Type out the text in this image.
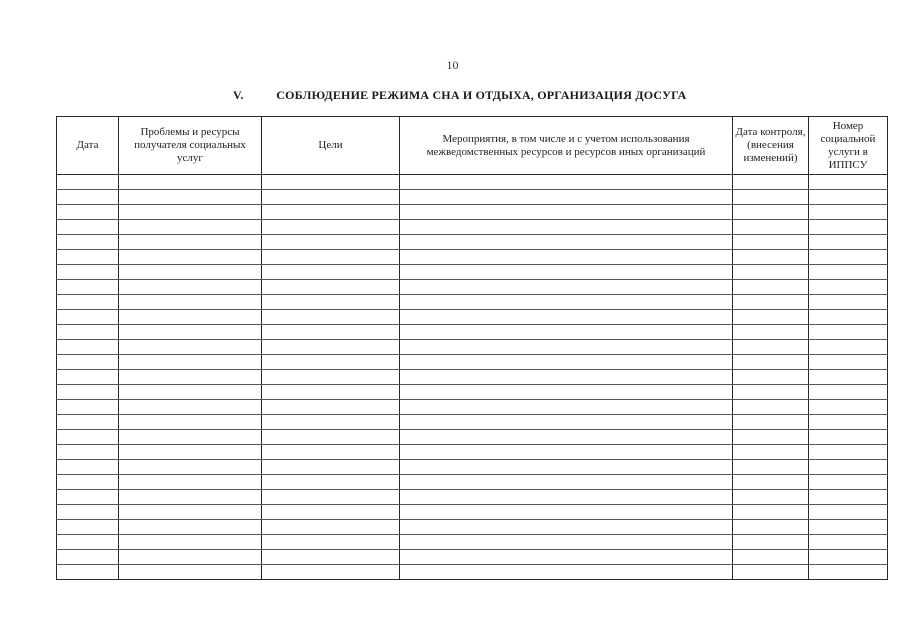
10
V.	СОБЛЮДЕНИЕ РЕЖИМА СНА И ОТДЫХА, ОРГАНИЗАЦИЯ ДОСУГА
Дата	Проблемы и ресурсы получателя социальных услуг	Цели	Мероприятия, в том числе и с учетом использования межведомственных ресурсов и ресурсов иных организаций	Дата контроля, (внесения изменений)	Номер социальной услуги в ИППСУ
